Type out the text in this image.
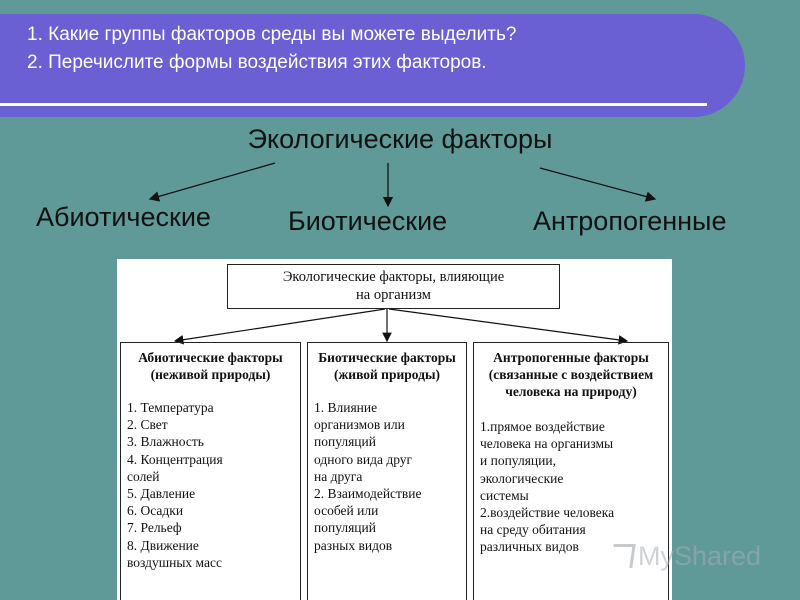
1. Какие группы факторов среды вы можете выделить?
2. Перечислите формы воздействия этих факторов.
Экологические факторы
Абиотические	Биотические	Антропогенные
Экологические факторы, влияющие
на организм
Абиотические факторы (неживой природы)
1. Температура
2. Свет
3. Влажность
4. Концентрация
солей
5. Давление
6. Осадки
7. Рельеф
8. Движение
воздушных масс
Биотические факторы (живой природы)
1. Влияние
организмов или
популяций
одного вида друг
на друга
2. Взаимодействие
особей или
популяций
разных видов
Антропогенные факторы (связанные с воздействием человека на природу)
1.прямое воздействие
человека на организмы
и популяции,
экологические
системы
2.воздействие человека
на среду обитания
различных видов	MyShared
